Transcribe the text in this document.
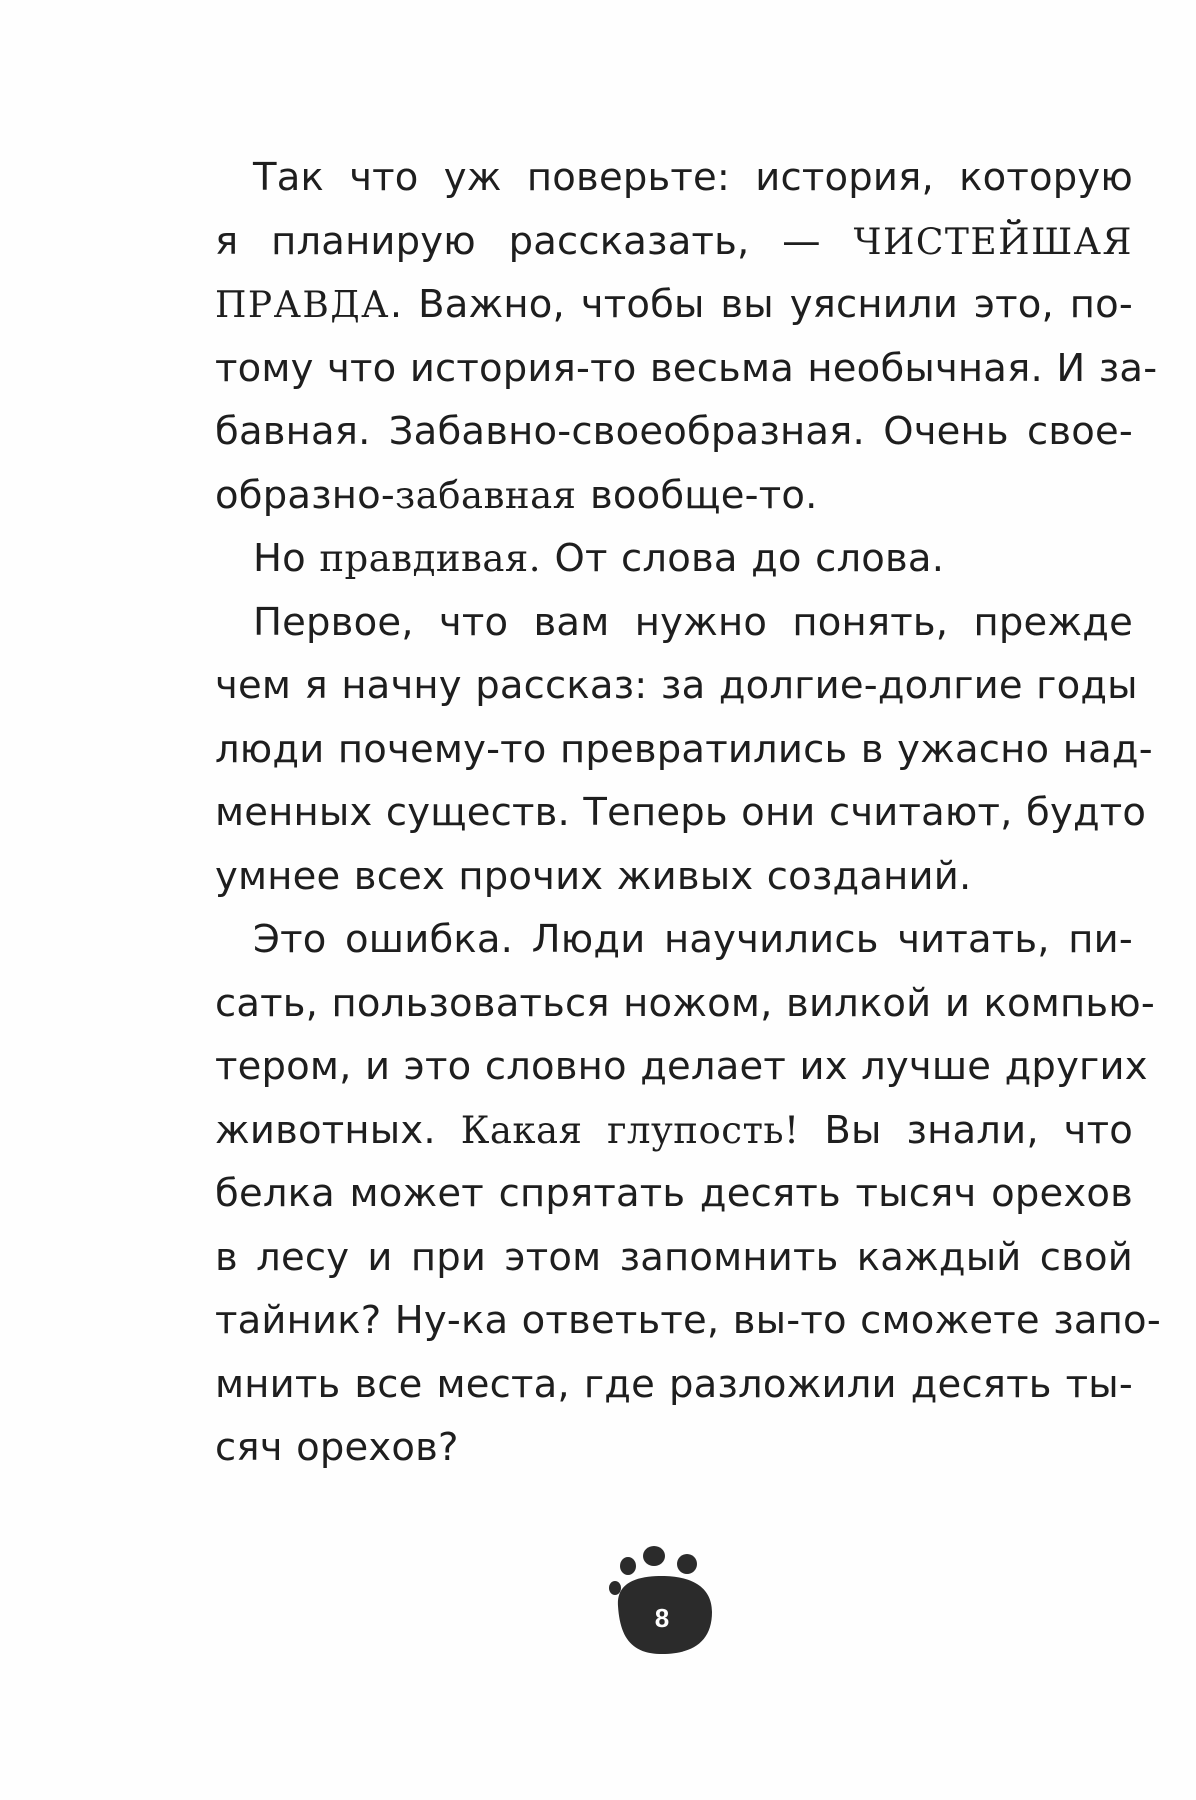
Так что уж поверьте: история, которую
я планирую рассказать, — ЧИСТЕЙШАЯ
ПРАВДА. Важно, чтобы вы уяснили это, по-
тому что история-то весьма необычная. И за-
бавная. Забавно-своеобразная. Очень свое-
образно-забавная вообще-то.
Но правдивая. От слова до слова.
Первое, что вам нужно понять, прежде
чем я начну рассказ: за долгие-долгие годы
люди почему-то превратились в ужасно над-
менных существ. Теперь они считают, будто
умнее всех прочих живых созданий.
Это ошибка. Люди научились читать, пи-
сать, пользоваться ножом, вилкой и компью-
тером, и это словно делает их лучше других
животных. Какая глупость! Вы знали, что
белка может спрятать десять тысяч орехов
в лесу и при этом запомнить каждый свой
тайник? Ну-ка ответьте, вы-то сможете запо-
мнить все места, где разложили десять ты-
сяч орехов?
8
